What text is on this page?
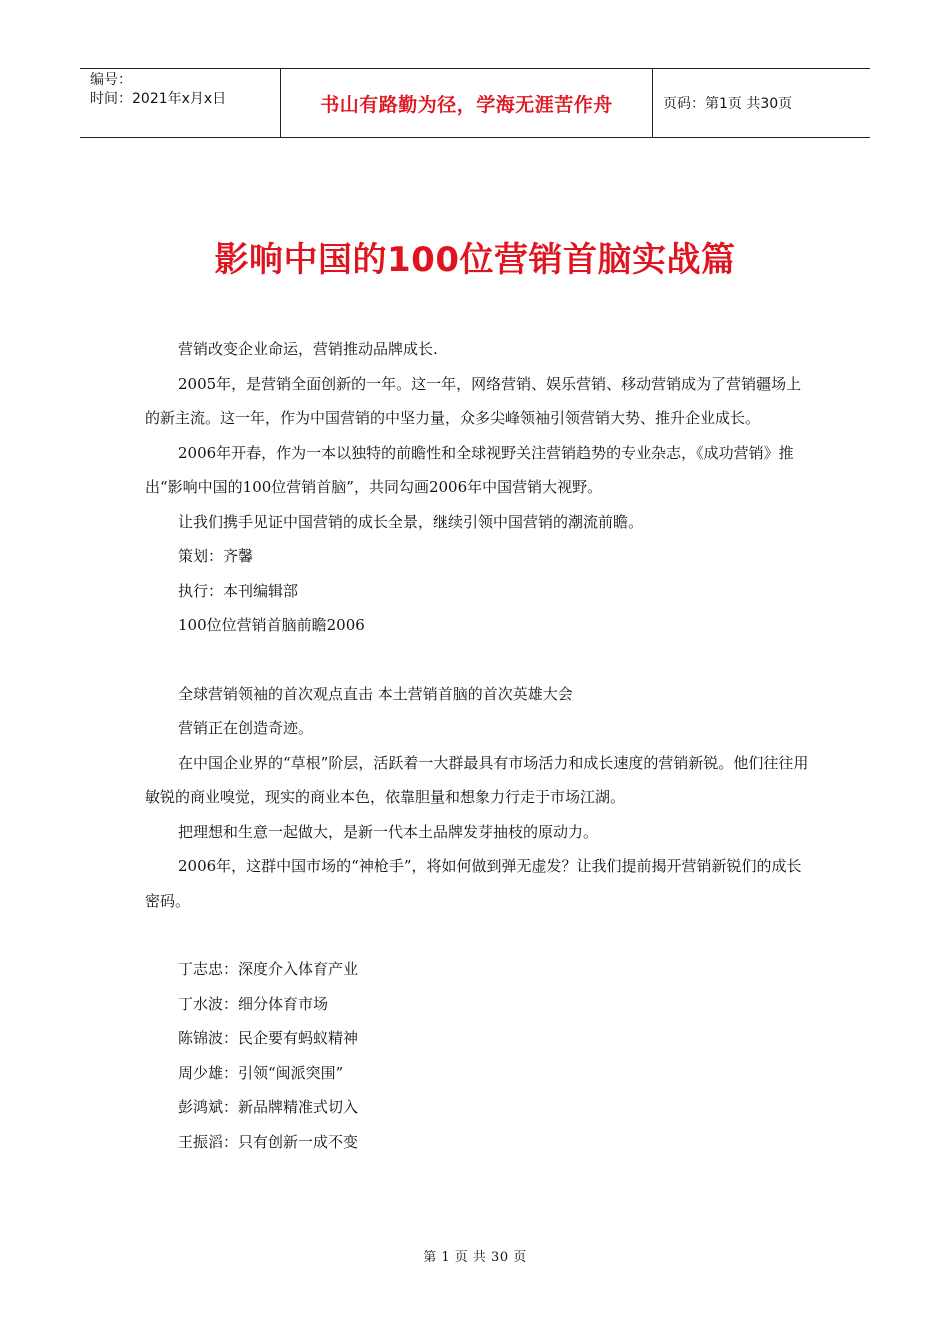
编号：
时间：2021年x月x日	书山有路勤为径，学海无涯苦作舟	页码：第1页 共30页
影响中国的100位营销首脑实战篇

营销改变企业命运，营销推动品牌成长.

2005年，是营销全面创新的一年。这一年，网络营销、娱乐营销、移动营销成为了营销疆场上的新主流。这一年，作为中国营销的中坚力量，众多尖峰领袖引领营销大势、推升企业成长。

2006年开春，作为一本以独特的前瞻性和全球视野关注营销趋势的专业杂志，《成功营销》推出“影响中国的100位营销首脑”，共同勾画2006年中国营销大视野。

让我们携手见证中国营销的成长全景，继续引领中国营销的潮流前瞻。

策划：齐馨

执行：本刊编辑部

100位位营销首脑前瞻2006

全球营销领袖的首次观点直击 本土营销首脑的首次英雄大会

营销正在创造奇迹。

在中国企业界的“草根”阶层，活跃着一大群最具有市场活力和成长速度的营销新锐。他们往往用敏锐的商业嗅觉，现实的商业本色，依靠胆量和想象力行走于市场江湖。

把理想和生意一起做大，是新一代本土品牌发芽抽枝的原动力。

2006年，这群中国市场的“神枪手”，将如何做到弹无虚发？让我们提前揭开营销新锐们的成长密码。

丁志忠：深度介入体育产业

丁水波：细分体育市场

陈锦波：民企要有蚂蚁精神

周少雄：引领“闽派突围”

彭鸿斌：新品牌精准式切入

王振滔：只有创新一成不变

第 1 页 共 30 页
